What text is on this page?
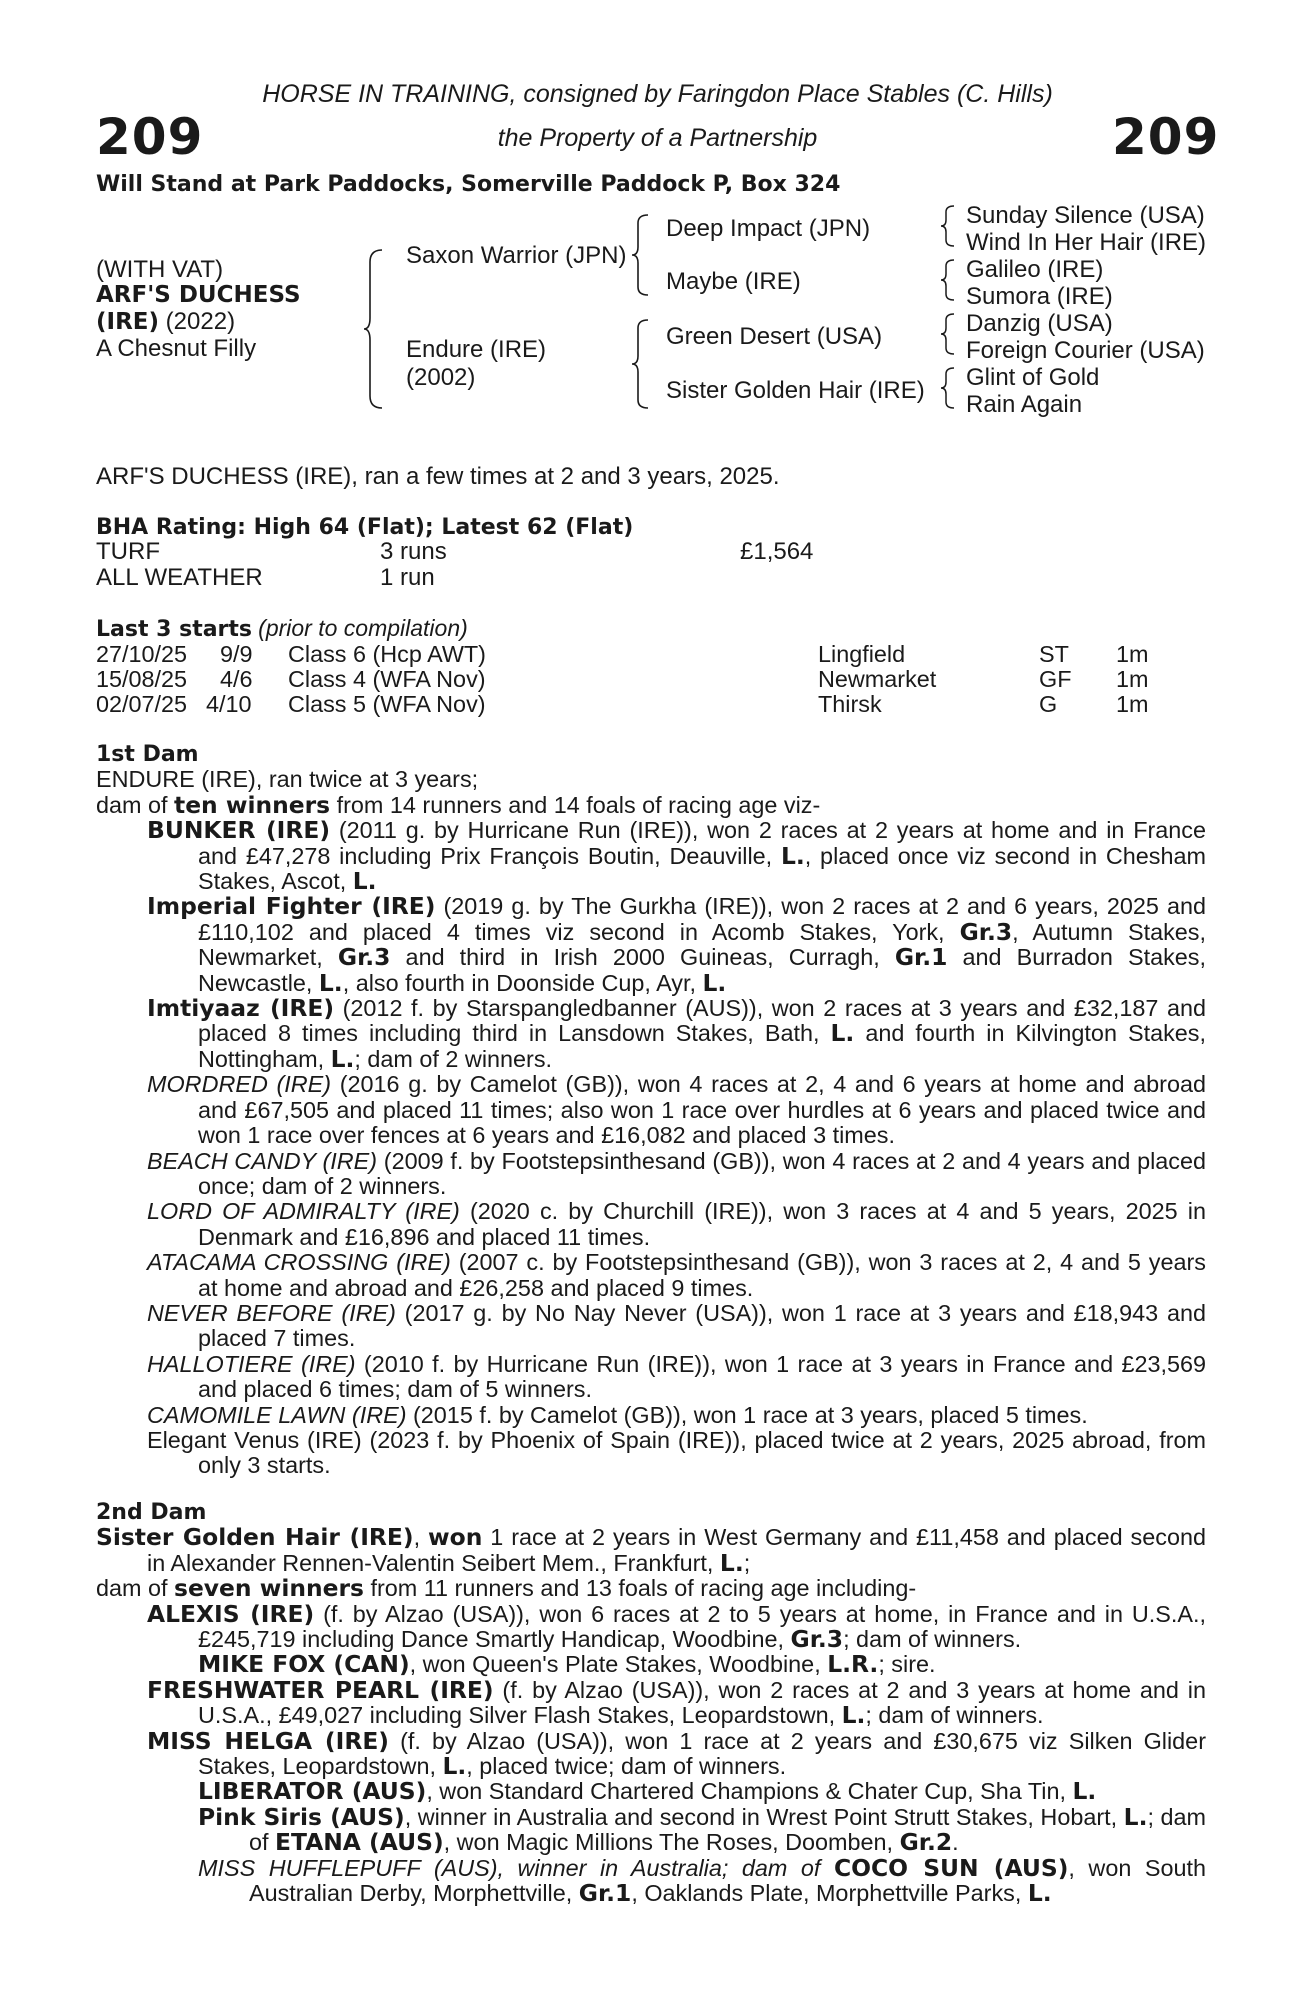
HORSE IN TRAINING, consigned by Faringdon Place Stables (C. Hills)
the Property of a Partnership
209	209
Will Stand at Park Paddocks, Somerville Paddock P, Box 324
(WITH VAT)
ARF'S DUCHESS
(IRE) (2022)
A Chesnut Filly
Saxon Warrior (JPN)
Endure (IRE)
(2002)
Deep Impact (JPN)
Maybe (IRE)
Green Desert (USA)
Sister Golden Hair (IRE)
Sunday Silence (USA)
Wind In Her Hair (IRE)
Galileo (IRE)
Sumora (IRE)
Danzig (USA)
Foreign Courier (USA)
Glint of Gold
Rain Again
ARF'S DUCHESS (IRE), ran a few times at 2 and 3 years, 2025.
BHA Rating: High 64 (Flat); Latest 62 (Flat)
TURF	3 runs	£1,564
ALL WEATHER	1 run
Last 3 starts (prior to compilation)
27/10/25 9/9 Class 6 (Hcp AWT)	Lingfield	ST 1m
15/08/25 4/6 Class 4 (WFA Nov)	Newmarket	GF 1m
02/07/25 4/10 Class 5 (WFA Nov)	Thirsk	G	1m
1st Dam

ENDURE (IRE), ran twice at 3 years;

dam of ten winners from 14 runners and 14 foals of racing age viz-

BUNKER (IRE) (2011 g. by Hurricane Run (IRE)), won 2 races at 2 years at home and in France and £47,278 including Prix François Boutin, Deauville, L., placed once viz second in Chesham Stakes, Ascot, L.

Imperial Fighter (IRE) (2019 g. by The Gurkha (IRE)), won 2 races at 2 and 6 years, 2025 and £110,102 and placed 4 times viz second in Acomb Stakes, York, Gr.3, Autumn Stakes, Newmarket, Gr.3 and third in Irish 2000 Guineas, Curragh, Gr.1 and Burradon Stakes, Newcastle, L., also fourth in Doonside Cup, Ayr, L.

Imtiyaaz (IRE) (2012 f. by Starspangledbanner (AUS)), won 2 races at 3 years and £32,187 and placed 8 times including third in Lansdown Stakes, Bath, L. and fourth in Kilvington Stakes, Nottingham, L.; dam of 2 winners.

MORDRED (IRE) (2016 g. by Camelot (GB)), won 4 races at 2, 4 and 6 years at home and abroad and £67,505 and placed 11 times; also won 1 race over hurdles at 6 years and placed twice and won 1 race over fences at 6 years and £16,082 and placed 3 times.

BEACH CANDY (IRE) (2009 f. by Footstepsinthesand (GB)), won 4 races at 2 and 4 years and placed once; dam of 2 winners.

LORD OF ADMIRALTY (IRE) (2020 c. by Churchill (IRE)), won 3 races at 4 and 5 years, 2025 in Denmark and £16,896 and placed 11 times.

ATACAMA CROSSING (IRE) (2007 c. by Footstepsinthesand (GB)), won 3 races at 2, 4 and 5 years at home and abroad and £26,258 and placed 9 times.

NEVER BEFORE (IRE) (2017 g. by No Nay Never (USA)), won 1 race at 3 years and £18,943 and placed 7 times.

HALLOTIERE (IRE) (2010 f. by Hurricane Run (IRE)), won 1 race at 3 years in France and £23,569 and placed 6 times; dam of 5 winners.

CAMOMILE LAWN (IRE) (2015 f. by Camelot (GB)), won 1 race at 3 years, placed 5 times.

Elegant Venus (IRE) (2023 f. by Phoenix of Spain (IRE)), placed twice at 2 years, 2025 abroad, from only 3 starts.

2nd Dam

Sister Golden Hair (IRE), won 1 race at 2 years in West Germany and £11,458 and placed second in Alexander Rennen-Valentin Seibert Mem., Frankfurt, L.;

dam of seven winners from 11 runners and 13 foals of racing age including-

ALEXIS (IRE) (f. by Alzao (USA)), won 6 races at 2 to 5 years at home, in France and in U.S.A., £245,719 including Dance Smartly Handicap, Woodbine, Gr.3; dam of winners.

MIKE FOX (CAN), won Queen's Plate Stakes, Woodbine, L.R.; sire.

FRESHWATER PEARL (IRE) (f. by Alzao (USA)), won 2 races at 2 and 3 years at home and in U.S.A., £49,027 including Silver Flash Stakes, Leopardstown, L.; dam of winners.

MISS HELGA (IRE) (f. by Alzao (USA)), won 1 race at 2 years and £30,675 viz Silken Glider Stakes, Leopardstown, L., placed twice; dam of winners.

LIBERATOR (AUS), won Standard Chartered Champions & Chater Cup, Sha Tin, L.

Pink Siris (AUS), winner in Australia and second in Wrest Point Strutt Stakes, Hobart, L.; dam of ETANA (AUS), won Magic Millions The Roses, Doomben, Gr.2.

MISS HUFFLEPUFF (AUS), winner in Australia; dam of COCO SUN (AUS), won South Australian Derby, Morphettville, Gr.1, Oaklands Plate, Morphettville Parks, L.
